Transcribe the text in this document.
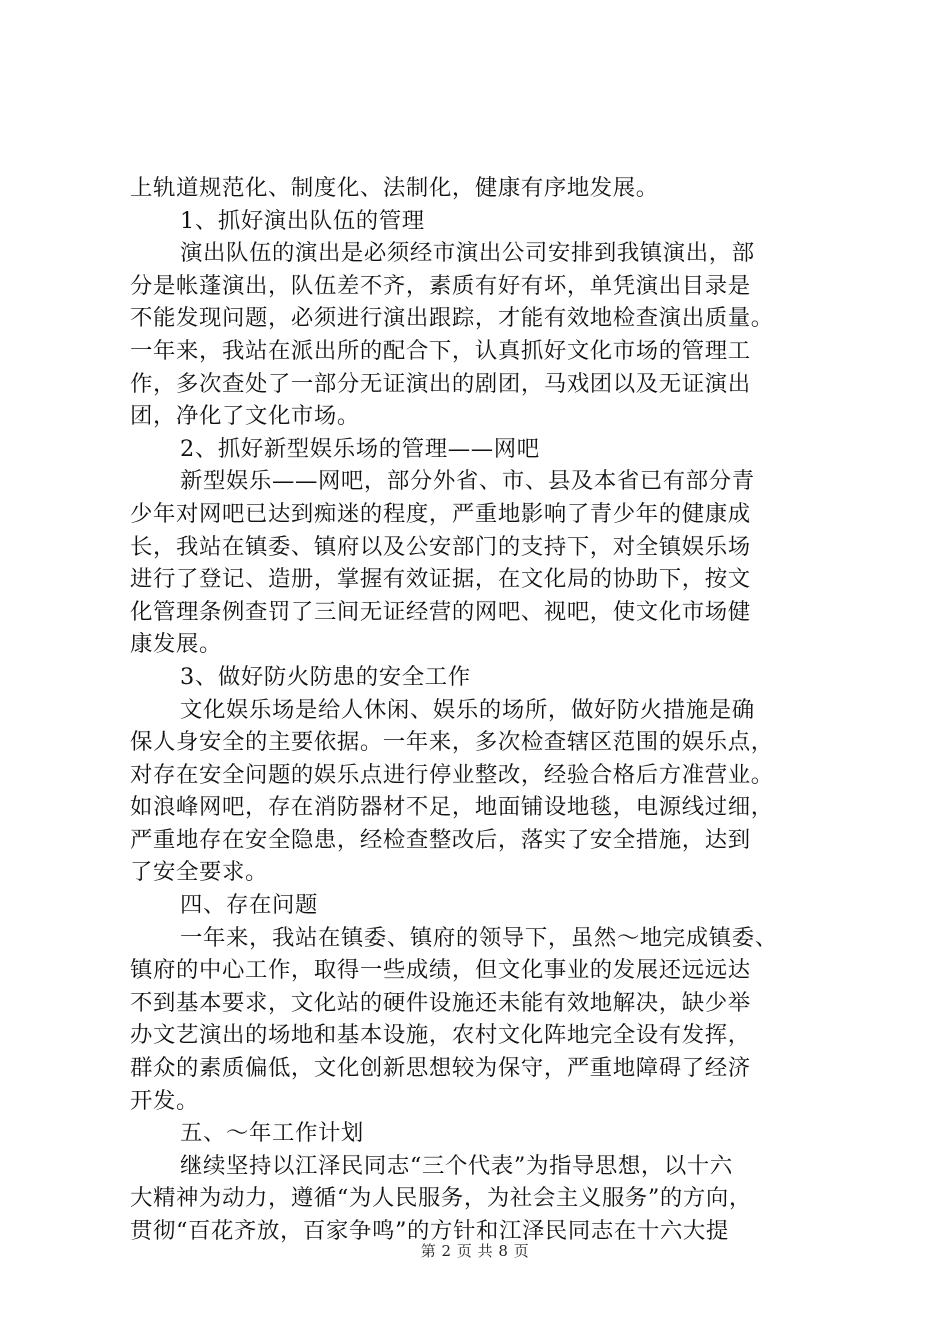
上轨道规范化、制度化、法制化，健康有序地发展。
1、抓好演出队伍的管理
演出队伍的演出是必须经市演出公司安排到我镇演出，部
分是帐蓬演出，队伍差不齐，素质有好有坏，单凭演出目录是
不能发现问题，必须进行演出跟踪，才能有效地检查演出质量。
一年来，我站在派出所的配合下，认真抓好文化市场的管理工
作，多次查处了一部分无证演出的剧团，马戏团以及无证演出
团，净化了文化市场。
2、抓好新型娱乐场的管理——网吧
新型娱乐——网吧，部分外省、市、县及本省已有部分青
少年对网吧已达到痴迷的程度，严重地影响了青少年的健康成
长，我站在镇委、镇府以及公安部门的支持下，对全镇娱乐场
进行了登记、造册，掌握有效证据，在文化局的协助下，按文
化管理条例查罚了三间无证经营的网吧、视吧，使文化市场健
康发展。
3、做好防火防患的安全工作
文化娱乐场是给人休闲、娱乐的场所，做好防火措施是确
保人身安全的主要依据。一年来，多次检查辖区范围的娱乐点，
对存在安全问题的娱乐点进行停业整改，经验合格后方准营业。
如浪峰网吧，存在消防器材不足，地面铺设地毯，电源线过细，
严重地存在安全隐患，经检查整改后，落实了安全措施，达到
了安全要求。
四、存在问题
一年来，我站在镇委、镇府的领导下，虽然～地完成镇委、
镇府的中心工作，取得一些成绩，但文化事业的发展还远远达
不到基本要求，文化站的硬件设施还未能有效地解决，缺少举
办文艺演出的场地和基本设施，农村文化阵地完全设有发挥，
群众的素质偏低，文化创新思想较为保守，严重地障碍了经济
开发。
五、～年工作计划
继续坚持以江泽民同志“三个代表”为指导思想，以十六
大精神为动力，遵循“为人民服务，为社会主义服务”的方向，
贯彻“百花齐放，百家争鸣”的方针和江泽民同志在十六大提
第 2 页 共 8 页
